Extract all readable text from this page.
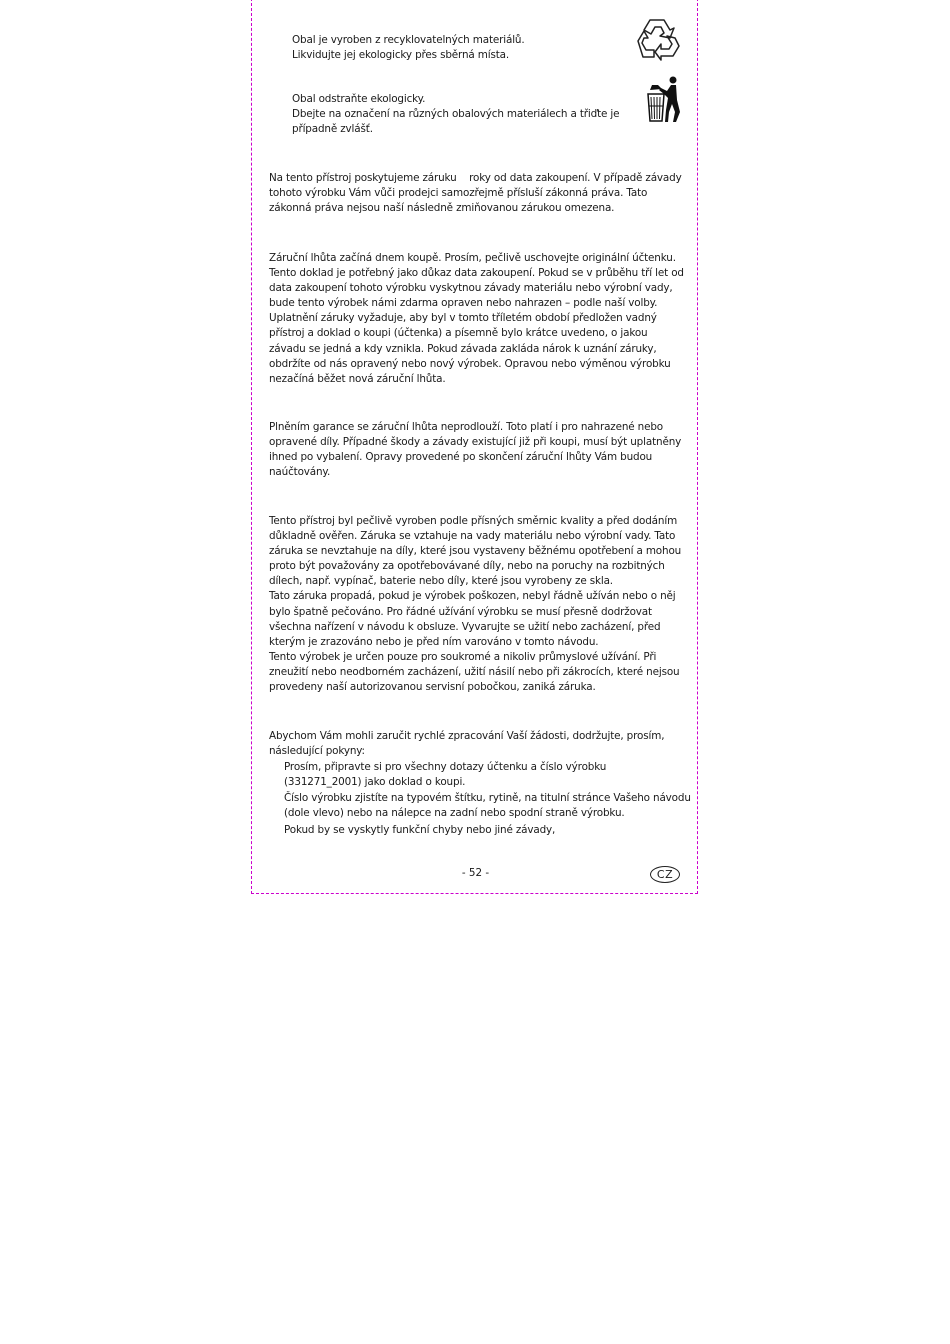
Obal je vyroben z recyklovatelných materiálů.
Likvidujte jej ekologicky přes sběrná místa.
Obal odstraňte ekologicky.
Dbejte na označení na různých obalových materiálech a třiďte je
případně zvlášť.
Na tento přístroj poskytujeme záruku    roky od data zakoupení. V případě závady
tohoto výrobku Vám vůči prodejci samozřejmě přísluší zákonná práva. Tato
zákonná práva nejsou naší následně zmiňovanou zárukou omezena.
Záruční lhůta začíná dnem koupě. Prosím, pečlivě uschovejte originální účtenku.
Tento doklad je potřebný jako důkaz data zakoupení. Pokud se v průběhu tří let od
data zakoupení tohoto výrobku vyskytnou závady materiálu nebo výrobní vady,
bude tento výrobek námi zdarma opraven nebo nahrazen – podle naší volby.
Uplatnění záruky vyžaduje, aby byl v tomto tříletém období předložen vadný
přístroj a doklad o koupi (účtenka) a písemně bylo krátce uvedeno, o jakou
závadu se jedná a kdy vznikla. Pokud závada zakláda nárok k uznání záruky,
obdržíte od nás opravený nebo nový výrobek. Opravou nebo výměnou výrobku
nezačíná běžet nová záruční lhůta.
Plněním garance se záruční lhůta neprodlouží. Toto platí i pro nahrazené nebo
opravené díly. Případné škody a závady existující již při koupi, musí být uplatněny
ihned po vybalení. Opravy provedené po skončení záruční lhůty Vám budou
naúčtovány.
Tento přístroj byl pečlivě vyroben podle přísných směrnic kvality a před dodáním
důkladně ověřen. Záruka se vztahuje na vady materiálu nebo výrobní vady. Tato
záruka se nevztahuje na díly, které jsou vystaveny běžnému opotřebení a mohou
proto být považovány za opotřebovávané díly, nebo na poruchy na rozbitných
dílech, např. vypínač, baterie nebo díly, které jsou vyrobeny ze skla.
Tato záruka propadá, pokud je výrobek poškozen, nebyl řádně užíván nebo o něj
bylo špatně pečováno. Pro řádné užívání výrobku se musí přesně dodržovat
všechna nařízení v návodu k obsluze. Vyvarujte se užití nebo zacházení, před
kterým je zrazováno nebo je před ním varováno v tomto návodu.
Tento výrobek je určen pouze pro soukromé a nikoliv průmyslové užívání. Při
zneužití nebo neodborném zacházení, užití násilí nebo při zákrocích, které nejsou
provedeny naší autorizovanou servisní pobočkou, zaniká záruka.
Abychom Vám mohli zaručit rychlé zpracování Vaší žádosti, dodržujte, prosím,
následující pokyny:
Prosím, připravte si pro všechny dotazy účtenku a číslo výrobku
(331271_2001) jako doklad o koupi.
Číslo výrobku zjistíte na typovém štítku, rytině, na titulní stránce Vašeho návodu
(dole vlevo) nebo na nálepce na zadní nebo spodní straně výrobku.
Pokud by se vyskytly funkční chyby nebo jiné závady,
- 52 -	CZ
